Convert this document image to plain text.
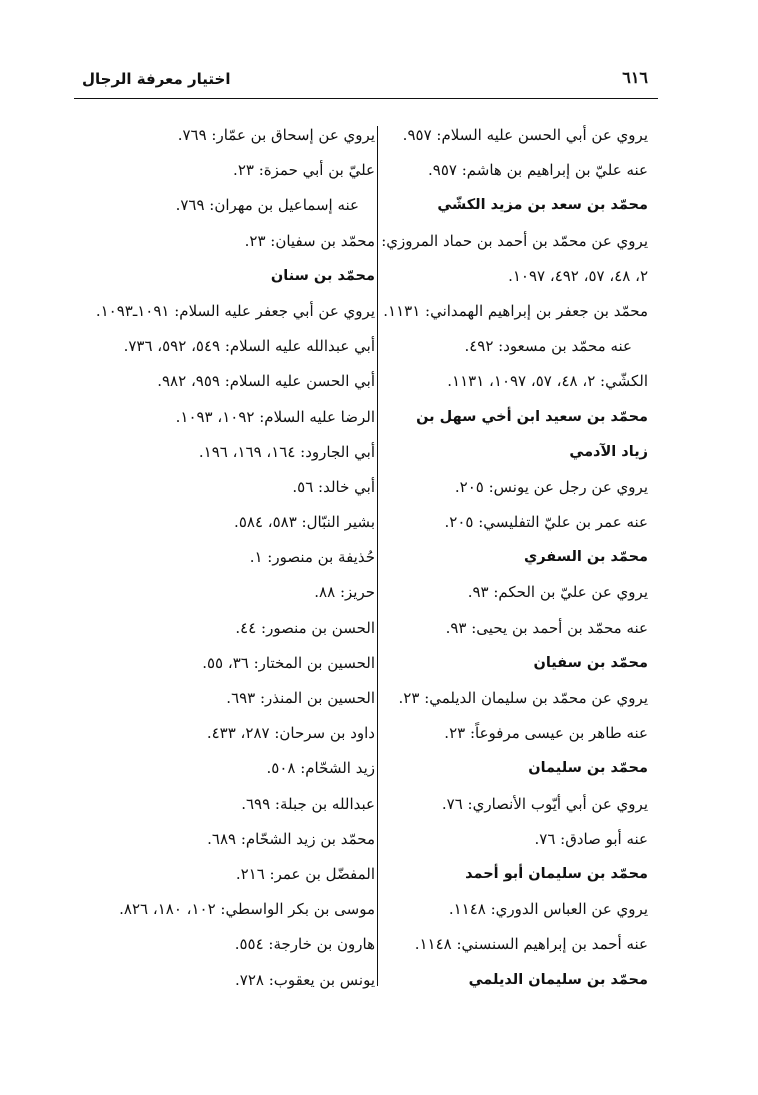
اختيار معرفة الرجال	٦١٦
يروي عن أبي الحسن عليه السلام: ٩٥٧.
عنه عليّ بن إبراهيم بن هاشم: ٩٥٧.
محمّد بن سعد بن مزيد الكشّي
يروي عن محمّد بن أحمد بن حماد المروزي:
٢، ٤٨، ٥٧، ٤٩٢، ١٠٩٧.
محمّد بن جعفر بن إبراهيم الهمداني: ١١٣١.
عنه محمّد بن مسعود: ٤٩٢.
الكشّي: ٢، ٤٨، ٥٧، ١٠٩٧، ١١٣١.
محمّد بن سعيد ابن أخي سهل بن زياد الآدمي
يروي عن رجل عن يونس: ٢٠٥.
عنه عمر بن عليّ التفليسي: ٢٠٥.
محمّد بن السفري
يروي عن عليّ بن الحكم: ٩٣.
عنه محمّد بن أحمد بن يحيى: ٩٣.
محمّد بن سفيان
يروي عن محمّد بن سليمان الديلمي: ٢٣.
عنه طاهر بن عيسى مرفوعاً: ٢٣.
محمّد بن سليمان
يروي عن أبي أيّوب الأنصاري: ٧٦.
عنه أبو صادق: ٧٦.
محمّد بن سليمان أبو أحمد
يروي عن العباس الدوري: ١١٤٨.
عنه أحمد بن إبراهيم السنسني: ١١٤٨.
محمّد بن سليمان الديلمي
يروي عن إسحاق بن عمّار: ٧٦٩.
عليّ بن أبي حمزة: ٢٣.
عنه إسماعيل بن مهران: ٧٦٩.
محمّد بن سفيان: ٢٣.
محمّد بن سنان
يروي عن أبي جعفر عليه السلام: ١٠٩١ـ١٠٩٣.
أبي عبدالله عليه السلام: ٥٤٩، ٥٩٢، ٧٣٦.
أبي الحسن عليه السلام: ٩٥٩، ٩٨٢.
الرضا عليه السلام: ١٠٩٢، ١٠٩٣.
أبي الجارود: ١٦٤، ١٦٩، ١٩٦.
أبي خالد: ٥٦.
بشير النبّال: ٥٨٣، ٥٨٤.
حُذيفة بن منصور: ١.
حريز: ٨٨.
الحسن بن منصور: ٤٤.
الحسين بن المختار: ٣٦، ٥٥.
الحسين بن المنذر: ٦٩٣.
داود بن سرحان: ٢٨٧، ٤٣٣.
زيد الشحّام: ٥٠٨.
عبدالله بن جبلة: ٦٩٩.
محمّد بن زيد الشحّام: ٦٨٩.
المفضّل بن عمر: ٢١٦.
موسى بن بكر الواسطي: ١٠٢، ١٨٠، ٨٢٦.
هارون بن خارجة: ٥٥٤.
يونس بن يعقوب: ٧٢٨.
